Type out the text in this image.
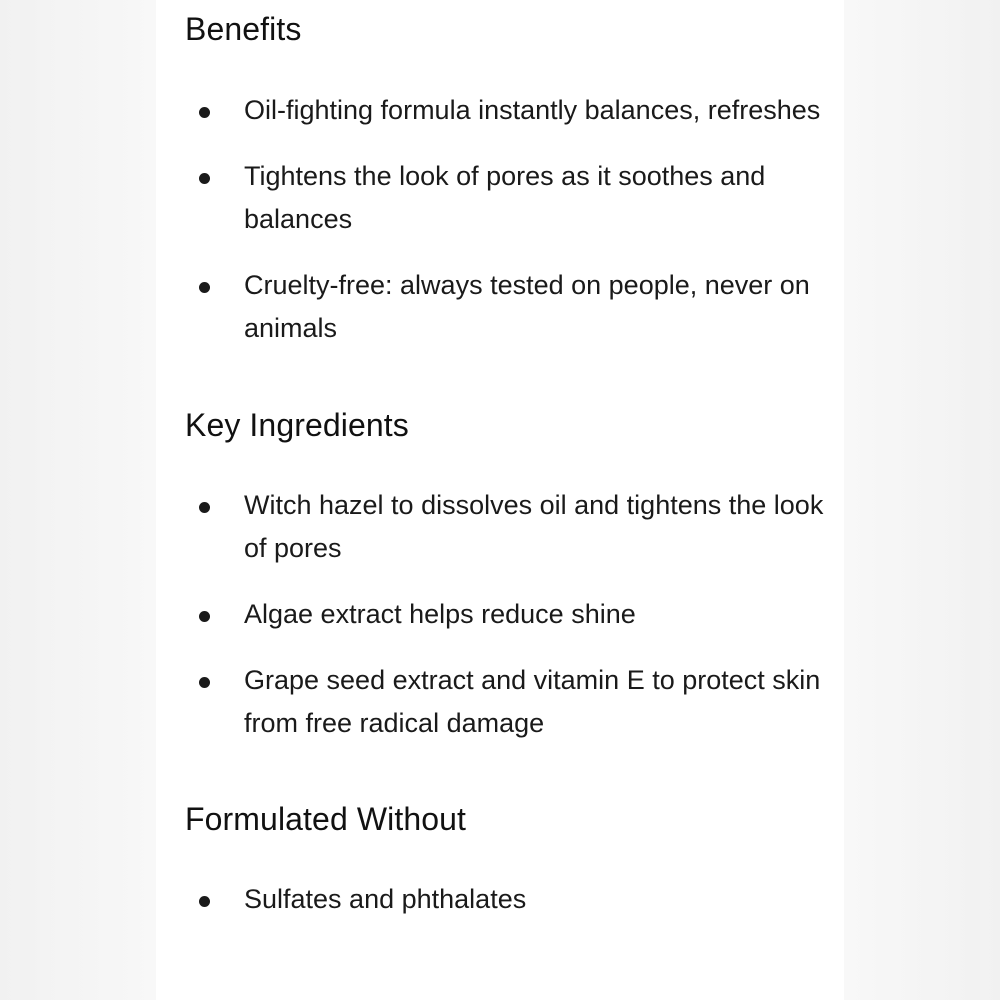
Benefits
Oil-fighting formula instantly balances, refreshes
Tightens the look of pores as it soothes and balances
Cruelty-free: always tested on people, never on animals
Key Ingredients
Witch hazel to dissolves oil and tightens the look of pores
Algae extract helps reduce shine
Grape seed extract and vitamin E to protect skin from free radical damage
Formulated Without
Sulfates and phthalates
